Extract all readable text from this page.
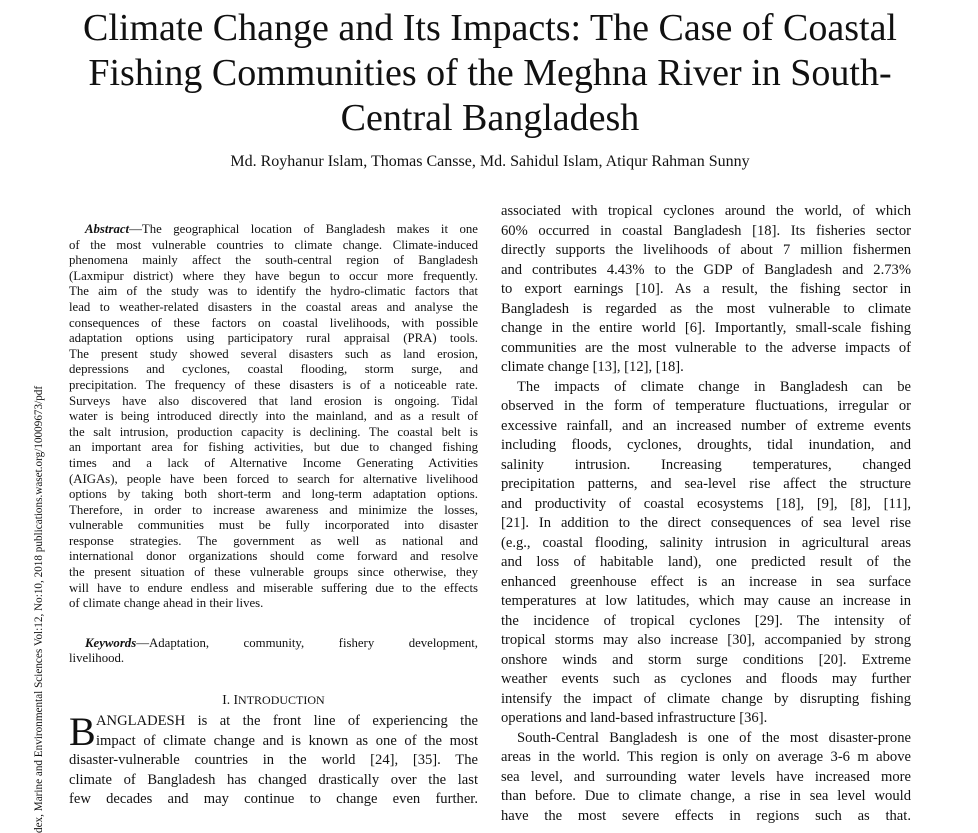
Climate Change and Its Impacts: The Case of Coastal Fishing Communities of the Meghna River in South-Central Bangladesh
Md. Royhanur Islam, Thomas Cansse, Md. Sahidul Islam, Atiqur Rahman Sunny
dex, Marine and Environmental Sciences Vol:12, No:10, 2018 publications.waset.org/10009673/pdf
Abstract—The geographical location of Bangladesh makes it one
of the most vulnerable countries to climate change. Climate-induced
phenomena mainly affect the south-central region of Bangladesh
(Laxmipur district) where they have begun to occur more frequently.
The aim of the study was to identify the hydro-climatic factors that
lead to weather-related disasters in the coastal areas and analyse the
consequences of these factors on coastal livelihoods, with possible
adaptation options using participatory rural appraisal (PRA) tools.
The present study showed several disasters such as land erosion,
depressions and cyclones, coastal flooding, storm surge, and
precipitation. The frequency of these disasters is of a noticeable rate.
Surveys have also discovered that land erosion is ongoing. Tidal
water is being introduced directly into the mainland, and as a result of
the salt intrusion, production capacity is declining. The coastal belt is
an important area for fishing activities, but due to changed fishing
times and a lack of Alternative Income Generating Activities
(AIGAs), people have been forced to search for alternative livelihood
options by taking both short-term and long-term adaptation options.
Therefore, in order to increase awareness and minimize the losses,
vulnerable communities must be fully incorporated into disaster
response strategies. The government as well as national and
international donor organizations should come forward and resolve
the present situation of these vulnerable groups since otherwise, they
will have to endure endless and miserable suffering due to the effects
of climate change ahead in their lives.
Keywords—Adaptation, community, fishery development,
livelihood.
I. INTRODUCTION
B ANGLADESH is at the front line of experiencing the
impact of climate change and is known as one of the most
disaster-vulnerable countries in the world [24], [35]. The
climate of Bangladesh has changed drastically over the last
few decades and may continue to change even further.
associated with tropical cyclones around the world, of which
60% occurred in coastal Bangladesh [18]. Its fisheries sector
directly supports the livelihoods of about 7 million fishermen
and contributes 4.43% to the GDP of Bangladesh and 2.73%
to export earnings [10]. As a result, the fishing sector in
Bangladesh is regarded as the most vulnerable to climate
change in the entire world [6]. Importantly, small-scale fishing
communities are the most vulnerable to the adverse impacts of
climate change [13], [12], [18].
The impacts of climate change in Bangladesh can be
observed in the form of temperature fluctuations, irregular or
excessive rainfall, and an increased number of extreme events
including floods, cyclones, droughts, tidal inundation, and
salinity intrusion. Increasing temperatures, changed
precipitation patterns, and sea-level rise affect the structure
and productivity of coastal ecosystems [18], [9], [8], [11],
[21]. In addition to the direct consequences of sea level rise
(e.g., coastal flooding, salinity intrusion in agricultural areas
and loss of habitable land), one predicted result of the
enhanced greenhouse effect is an increase in sea surface
temperatures at low latitudes, which may cause an increase in
the incidence of tropical cyclones [29]. The intensity of
tropical storms may also increase [30], accompanied by strong
onshore winds and storm surge conditions [20]. Extreme
weather events such as cyclones and floods may further
intensify the impact of climate change by disrupting fishing
operations and land-based infrastructure [36].
South-Central Bangladesh is one of the most disaster-prone
areas in the world. This region is only on average 3-6 m above
sea level, and surrounding water levels have increased more
than before. Due to climate change, a rise in sea level would
have the most severe effects in regions such as that.
